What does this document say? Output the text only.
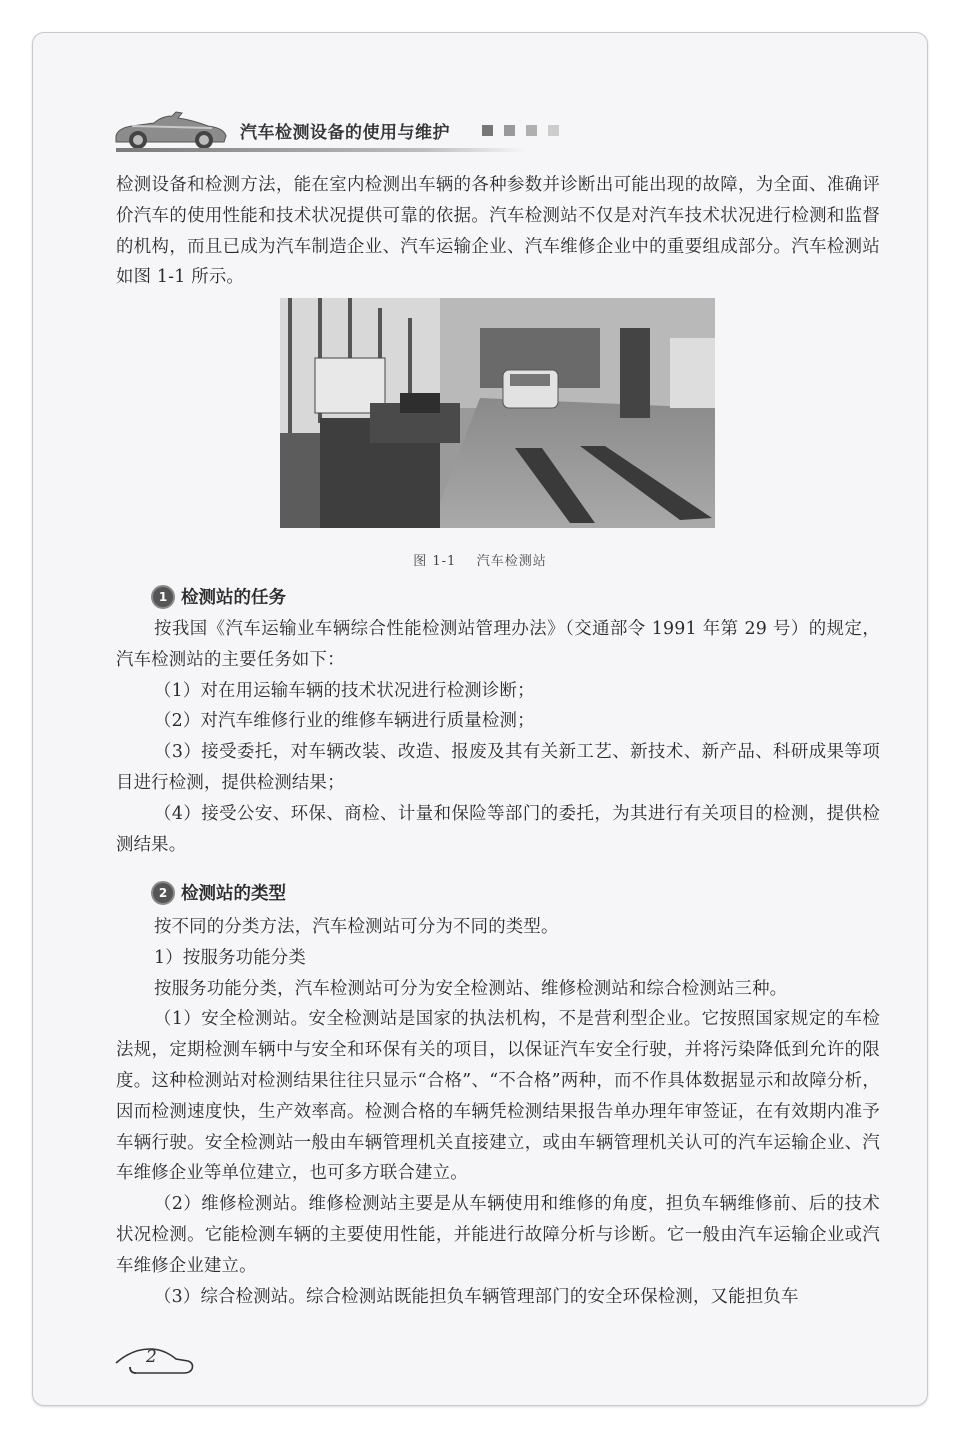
汽车检测设备的使用与维护

检测设备和检测方法，能在室内检测出车辆的各种参数并诊断出可能出现的故障，为全面、准确评价汽车的使用性能和技术状况提供可靠的依据。汽车检测站不仅是对汽车技术状况进行检测和监督的机构，而且已成为汽车制造企业、汽车运输企业、汽车维修企业中的重要组成部分。汽车检测站如图 1-1 所示。

图 1-1 汽车检测站
1 检测站的任务

按我国《汽车运输业车辆综合性能检测站管理办法》（交通部令 1991 年第 29 号）的规定，汽车检测站的主要任务如下：

（1）对在用运输车辆的技术状况进行检测诊断；

（2）对汽车维修行业的维修车辆进行质量检测；

（3）接受委托，对车辆改装、改造、报废及其有关新工艺、新技术、新产品、科研成果等项目进行检测，提供检测结果；

（4）接受公安、环保、商检、计量和保险等部门的委托，为其进行有关项目的检测，提供检测结果。

2 检测站的类型

按不同的分类方法，汽车检测站可分为不同的类型。

1）按服务功能分类

按服务功能分类，汽车检测站可分为安全检测站、维修检测站和综合检测站三种。

（1）安全检测站。安全检测站是国家的执法机构，不是营利型企业。它按照国家规定的车检法规，定期检测车辆中与安全和环保有关的项目，以保证汽车安全行驶，并将污染降低到允许的限度。这种检测站对检测结果往往只显示“合格”、“不合格”两种，而不作具体数据显示和故障分析，因而检测速度快，生产效率高。检测合格的车辆凭检测结果报告单办理年审签证，在有效期内准予车辆行驶。安全检测站一般由车辆管理机关直接建立，或由车辆管理机关认可的汽车运输企业、汽车维修企业等单位建立，也可多方联合建立。

（2）维修检测站。维修检测站主要是从车辆使用和维修的角度，担负车辆维修前、后的技术状况检测。它能检测车辆的主要使用性能，并能进行故障分析与诊断。它一般由汽车运输企业或汽车维修企业建立。

（3）综合检测站。综合检测站既能担负车辆管理部门的安全环保检测，又能担负车

2
